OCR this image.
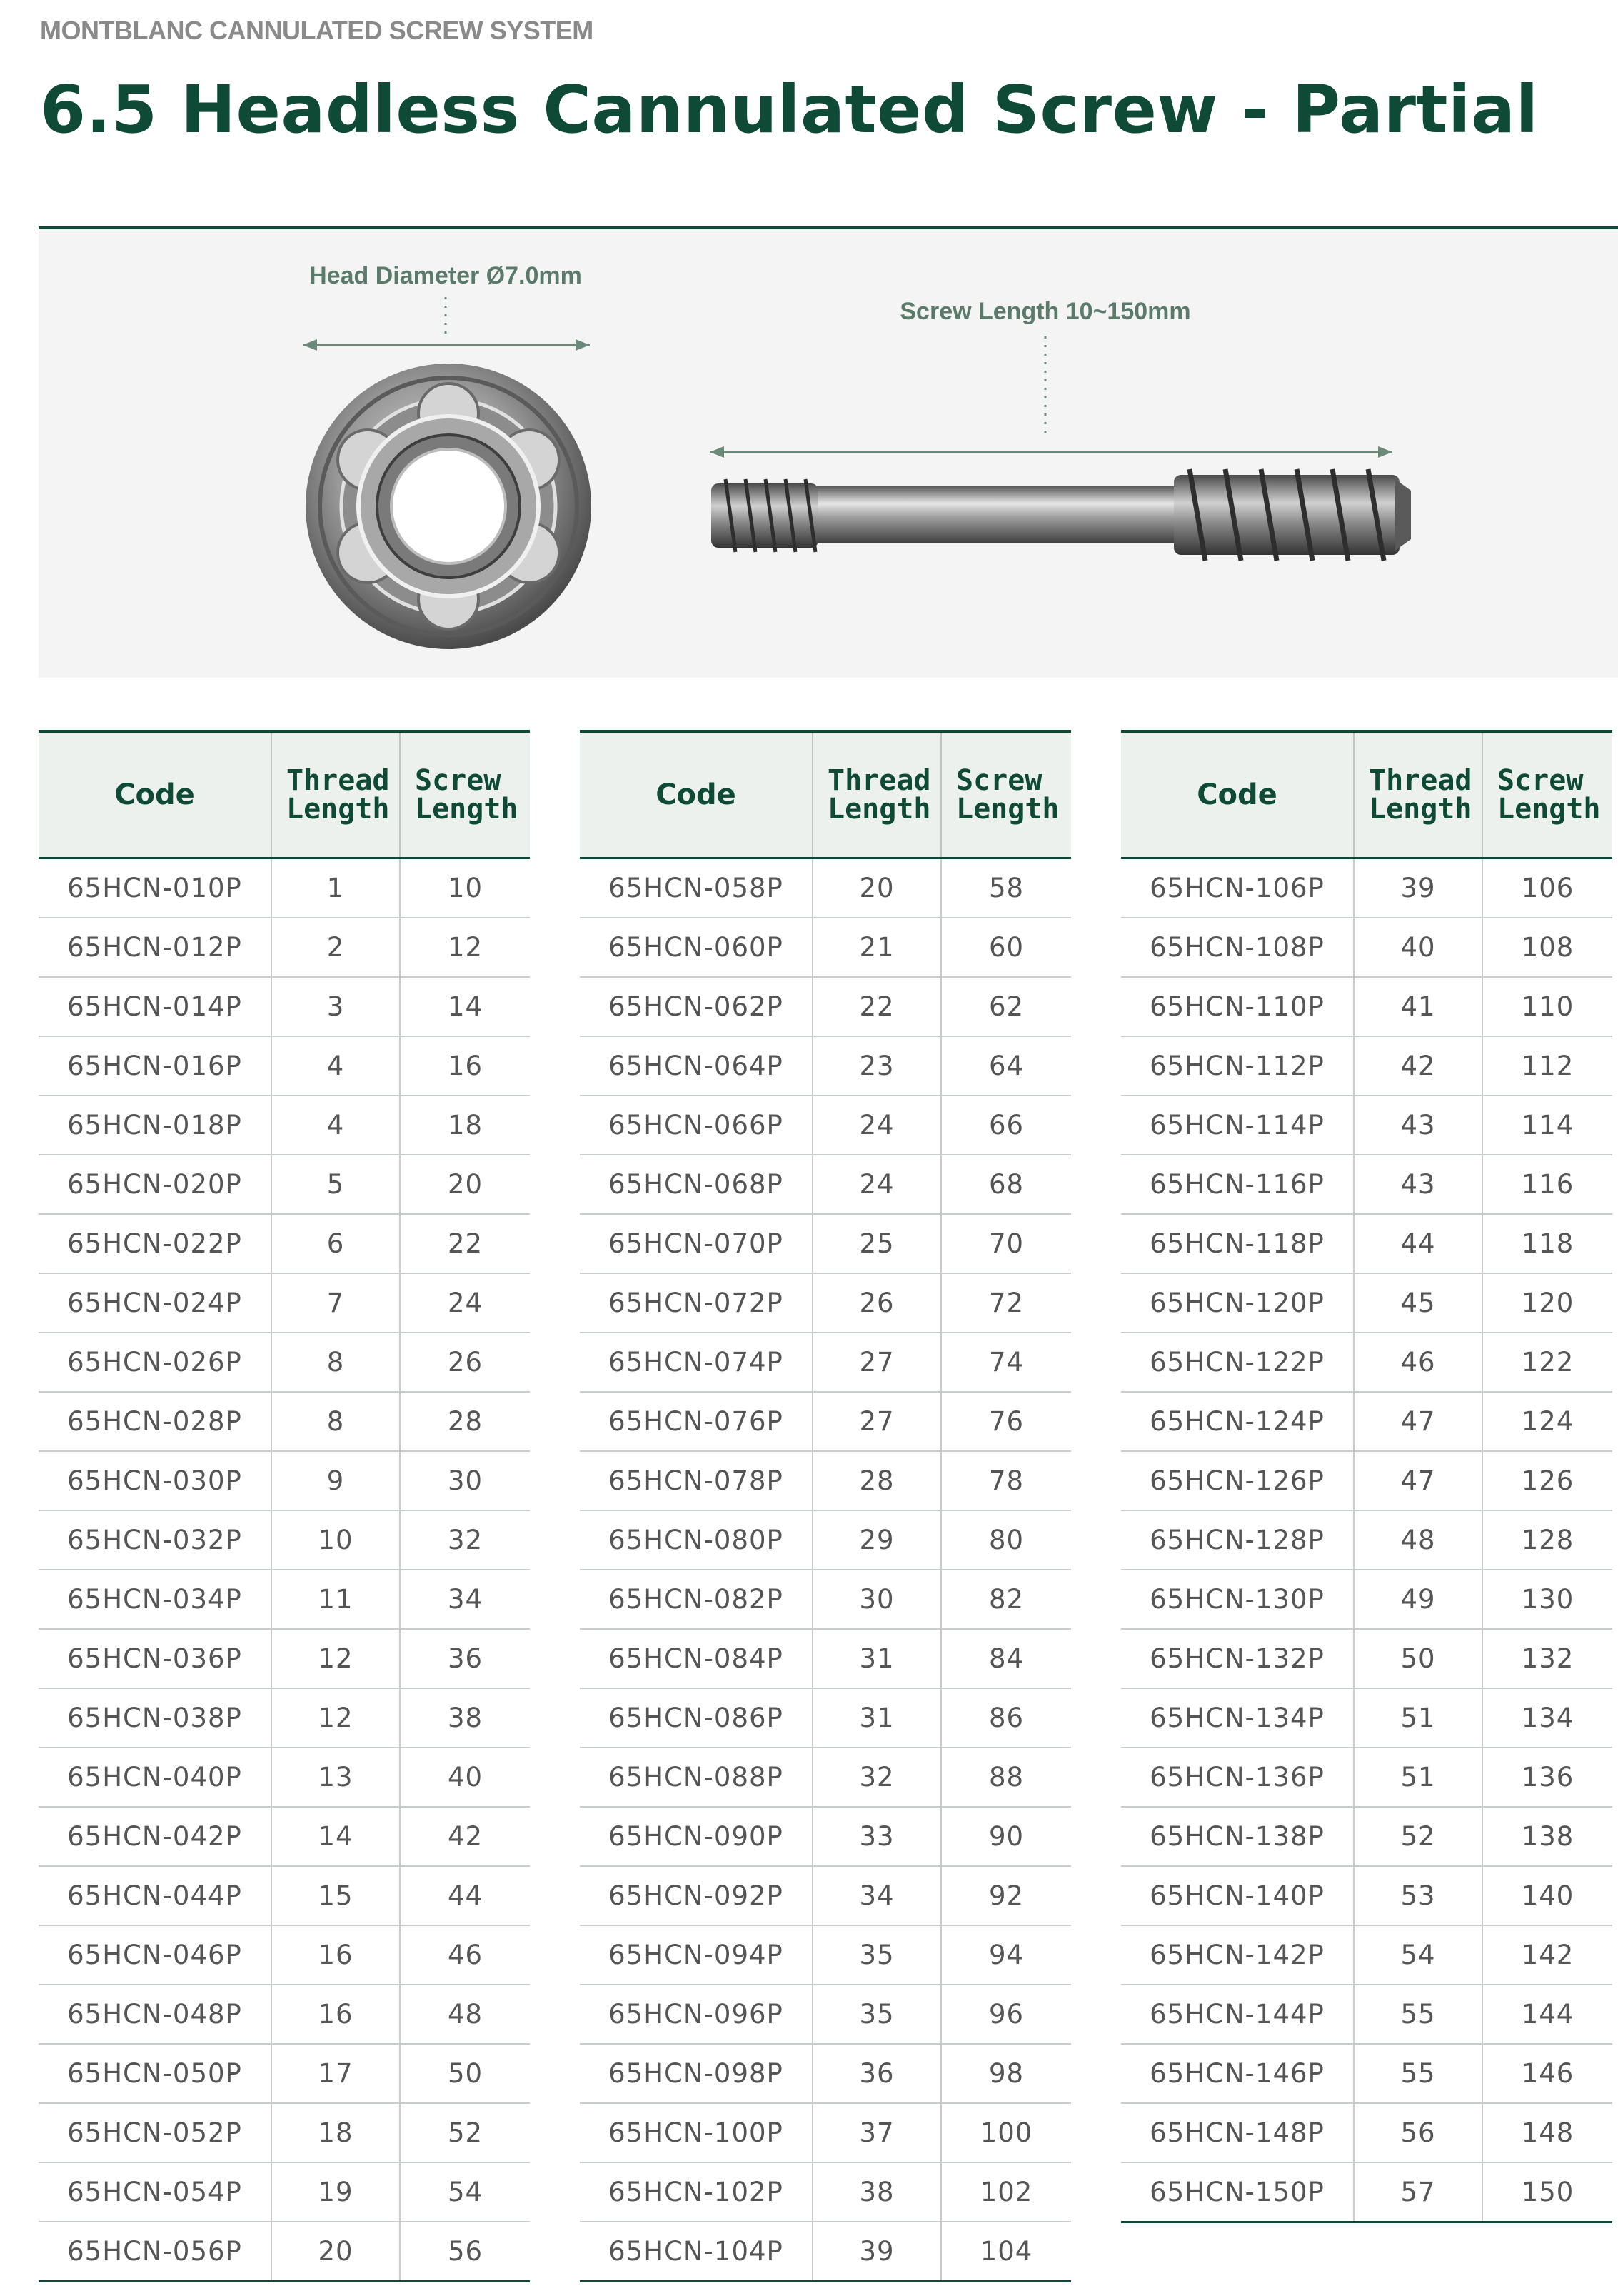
MONTBLANC CANNULATED SCREW SYSTEM
6.5 Headless Cannulated Screw - Partial
Head Diameter Ø7.0mm
Screw Length 10~150mm
Code	Thread Length	Screw Length
65HCN-010P	1	10
65HCN-012P	2	12
65HCN-014P	3	14
65HCN-016P	4	16
65HCN-018P	4	18
65HCN-020P	5	20
65HCN-022P	6	22
65HCN-024P	7	24
65HCN-026P	8	26
65HCN-028P	8	28
65HCN-030P	9	30
65HCN-032P	10	32
65HCN-034P	11	34
65HCN-036P	12	36
65HCN-038P	12	38
65HCN-040P	13	40
65HCN-042P	14	42
65HCN-044P	15	44
65HCN-046P	16	46
65HCN-048P	16	48
65HCN-050P	17	50
65HCN-052P	18	52
65HCN-054P	19	54
65HCN-056P	20	56
Code	Thread Length	Screw Length
65HCN-058P	20	58
65HCN-060P	21	60
65HCN-062P	22	62
65HCN-064P	23	64
65HCN-066P	24	66
65HCN-068P	24	68
65HCN-070P	25	70
65HCN-072P	26	72
65HCN-074P	27	74
65HCN-076P	27	76
65HCN-078P	28	78
65HCN-080P	29	80
65HCN-082P	30	82
65HCN-084P	31	84
65HCN-086P	31	86
65HCN-088P	32	88
65HCN-090P	33	90
65HCN-092P	34	92
65HCN-094P	35	94
65HCN-096P	35	96
65HCN-098P	36	98
65HCN-100P	37	100
65HCN-102P	38	102
65HCN-104P	39	104
Code	Thread Length	Screw Length
65HCN-106P	39	106
65HCN-108P	40	108
65HCN-110P	41	110
65HCN-112P	42	112
65HCN-114P	43	114
65HCN-116P	43	116
65HCN-118P	44	118
65HCN-120P	45	120
65HCN-122P	46	122
65HCN-124P	47	124
65HCN-126P	47	126
65HCN-128P	48	128
65HCN-130P	49	130
65HCN-132P	50	132
65HCN-134P	51	134
65HCN-136P	51	136
65HCN-138P	52	138
65HCN-140P	53	140
65HCN-142P	54	142
65HCN-144P	55	144
65HCN-146P	55	146
65HCN-148P	56	148
65HCN-150P	57	150
